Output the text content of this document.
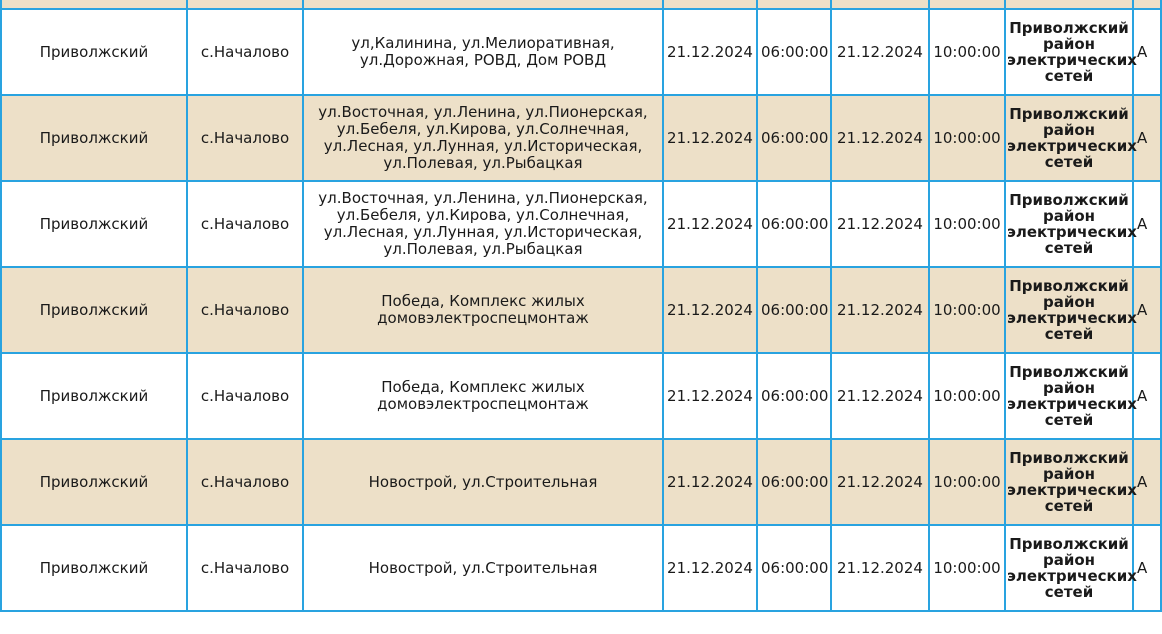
Приволжский	с.Началово	ул,Калинина, ул.Мелиоративная, ул.Дорожная, РОВД, Дом РОВД	21.12.2024	06:00:00	21.12.2024	10:00:00	Приволжский район электрических сетей	А
Приволжский	с.Началово	ул.Восточная, ул.Ленина, ул.Пионерская, ул.Бебеля, ул.Кирова, ул.Солнечная, ул.Лесная, ул.Лунная, ул.Историческая, ул.Полевая, ул.Рыбацкая	21.12.2024	06:00:00	21.12.2024	10:00:00	Приволжский район электрических сетей	А
Приволжский	с.Началово	ул.Восточная, ул.Ленина, ул.Пионерская, ул.Бебеля, ул.Кирова, ул.Солнечная, ул.Лесная, ул.Лунная, ул.Историческая, ул.Полевая, ул.Рыбацкая	21.12.2024	06:00:00	21.12.2024	10:00:00	Приволжский район электрических сетей	А
Приволжский	с.Началово	Победа, Комплекс жилых домовэлектроспецмонтаж	21.12.2024	06:00:00	21.12.2024	10:00:00	Приволжский район электрических сетей	А
Приволжский	с.Началово	Победа, Комплекс жилых домовэлектроспецмонтаж	21.12.2024	06:00:00	21.12.2024	10:00:00	Приволжский район электрических сетей	А
Приволжский	с.Началово	Новострой, ул.Строительная	21.12.2024	06:00:00	21.12.2024	10:00:00	Приволжский район электрических сетей	А
Приволжский	с.Началово	Новострой, ул.Строительная	21.12.2024	06:00:00	21.12.2024	10:00:00	Приволжский район электрических сетей	А
